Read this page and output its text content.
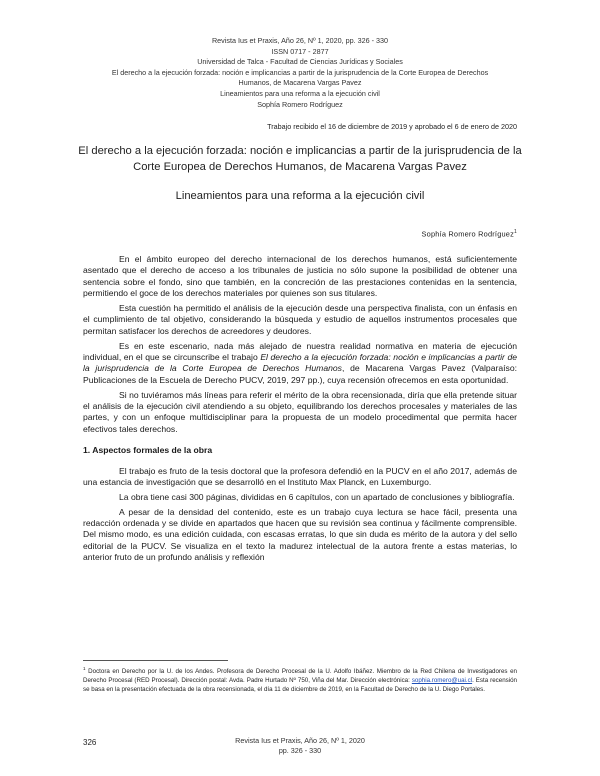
Revista Ius et Praxis, Año 26, Nº 1, 2020, pp. 326 - 330
ISSN 0717 - 2877
Universidad de Talca - Facultad de Ciencias Jurídicas y Sociales
El derecho a la ejecución forzada: noción e implicancias a partir de la jurisprudencia de la Corte Europea de Derechos
Humanos, de Macarena Vargas Pavez
Lineamientos para una reforma a la ejecución civil
Sophía Romero Rodríguez
Trabajo recibido el 16 de diciembre de 2019 y aprobado el 6 de enero de 2020
El derecho a la ejecución forzada: noción e implicancias a partir de la jurisprudencia de la Corte Europea de Derechos Humanos, de Macarena Vargas Pavez
Lineamientos para una reforma a la ejecución civil
Sophía Romero Rodríguez$^1$

En el ámbito europeo del derecho internacional de los derechos humanos, está suficientemente asentado que el derecho de acceso a los tribunales de justicia no sólo supone la posibilidad de obtener una sentencia sobre el fondo, sino que también, en la concreción de las prestaciones contenidas en la sentencia, permitiendo el goce de los derechos materiales por quienes son sus titulares.

Esta cuestión ha permitido el análisis de la ejecución desde una perspectiva finalista, con un énfasis en el cumplimiento de tal objetivo, considerando la búsqueda y estudio de aquellos instrumentos procesales que permitan satisfacer los derechos de acreedores y deudores.

Es en este escenario, nada más alejado de nuestra realidad normativa en materia de ejecución individual, en el que se circunscribe el trabajo El derecho a la ejecución forzada: noción e implicancias a partir de la jurisprudencia de la Corte Europea de Derechos Humanos, de Macarena Vargas Pavez (Valparaíso: Publicaciones de la Escuela de Derecho PUCV, 2019, 297 pp.), cuya recensión ofrecemos en esta oportunidad.

Si no tuviéramos más líneas para referir el mérito de la obra recensionada, diría que ella pretende situar el análisis de la ejecución civil atendiendo a su objeto, equilibrando los derechos procesales y materiales de las partes, y con un enfoque multidisciplinar para la propuesta de un modelo procedimental que permita hacer efectivos tales derechos.

1. Aspectos formales de la obra

El trabajo es fruto de la tesis doctoral que la profesora defendió en la PUCV en el año 2017, además de una estancia de investigación que se desarrolló en el Instituto Max Planck, en Luxemburgo.

La obra tiene casi 300 páginas, divididas en 6 capítulos, con un apartado de conclusiones y bibliografía.

A pesar de la densidad del contenido, este es un trabajo cuya lectura se hace fácil, presenta una redacción ordenada y se divide en apartados que hacen que su revisión sea continua y fácilmente comprensible. Del mismo modo, es una edición cuidada, con escasas erratas, lo que sin duda es mérito de la autora y del sello editorial de la PUCV. Se visualiza en el texto la madurez intelectual de la autora frente a estas materias, lo anterior fruto de un profundo análisis y reflexión

$^1$ Doctora en Derecho por la U. de los Andes. Profesora de Derecho Procesal de la U. Adolfo Ibáñez. Miembro de la Red Chilena de Investigadores en Derecho Procesal (RED Procesal). Dirección postal: Avda. Padre Hurtado Nº 750, Viña del Mar. Dirección electrónica: sophia.romero@uai.cl. Esta recensión se basa en la presentación efectuada de la obra recensionada, el día 11 de diciembre de 2019, en la Facultad de Derecho de la U. Diego Portales.
326	Revista Ius et Praxis, Año 26, Nº 1, 2020
pp. 326 - 330
